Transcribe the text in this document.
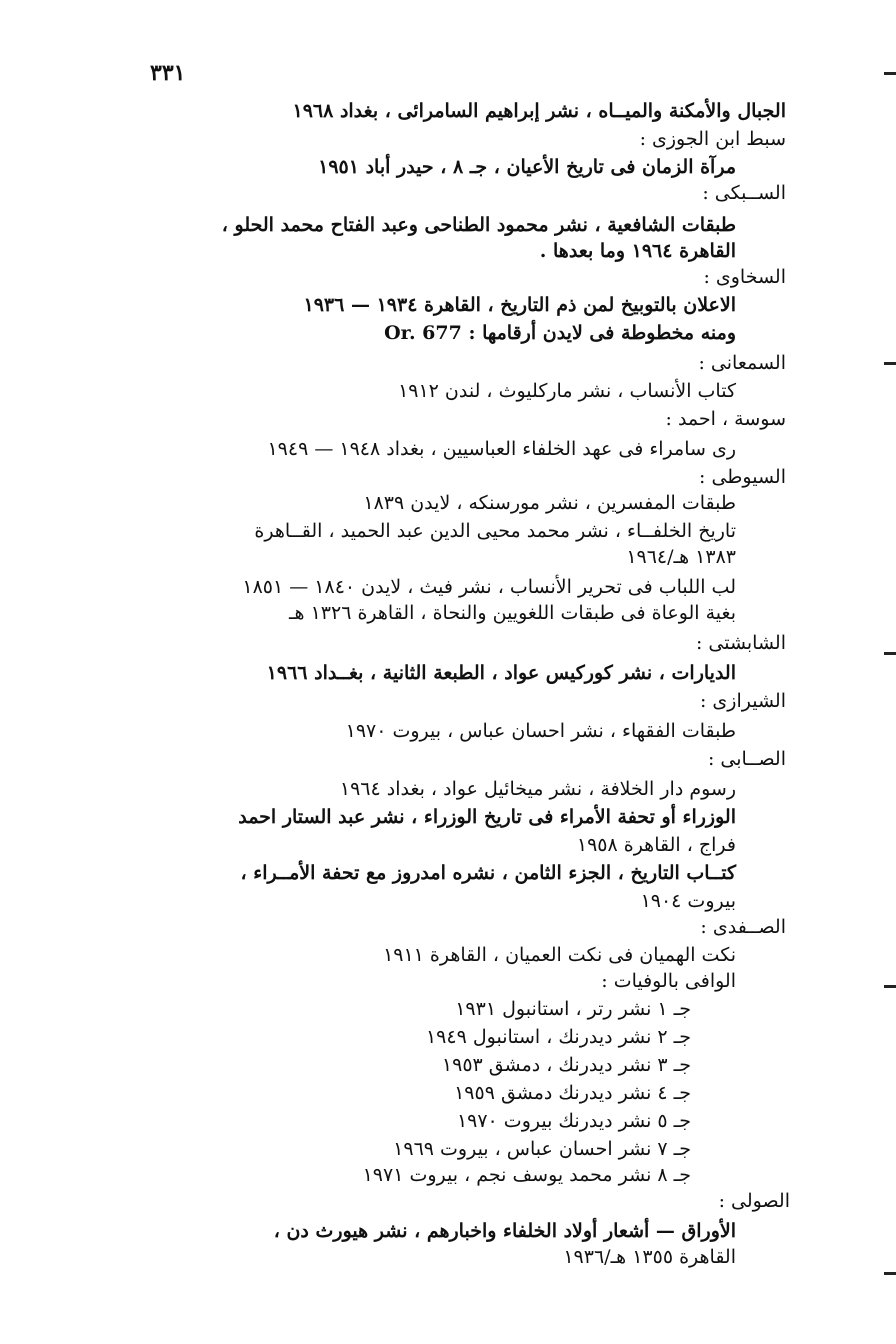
٣٣١
الجبال والأمكنة والميــاه ، نشر إبراهيم السامرائى ، بغداد ١٩٦٨
سبط ابن الجوزى :
مرآة الزمان فى تاريخ الأعيان ، جـ ٨ ، حيدر أباد ١٩٥١
الســبكى :
طبقات الشافعية ، نشر محمود الطناحى وعبد الفتاح محمد الحلو ،
القاهرة ١٩٦٤ وما بعدها .
السخاوى :
الاعلان بالتوبيخ لمن ذم التاريخ ، القاهرة ١٩٣٤ — ١٩٣٦
ومنه مخطوطة فى لايدن أرقامها : Or. 677
السمعانى :
كتاب الأنساب ، نشر ماركليوث ، لندن ١٩١٢
سوسة ، احمد :
رى سامراء فى عهد الخلفاء العباسيين ، بغداد ١٩٤٨ — ١٩٤٩
السيوطى :
طبقات المفسرين ، نشر مورسنكه ، لايدن ١٨٣٩
تاريخ الخلفــاء ، نشر محمد محيى الدين عبد الحميد ، القــاهرة
١٣٨٣ هـ/١٩٦٤
لب اللباب فى تحرير الأنساب ، نشر فيث ، لايدن ١٨٤٠ — ١٨٥١
بغية الوعاة فى طبقات اللغويين والنحاة ، القاهرة ١٣٢٦ هـ
الشابشتى :
الديارات ، نشر كوركيس عواد ، الطبعة الثانية ، بغــداد ١٩٦٦
الشيرازى :
طبقات الفقهاء ، نشر احسان عباس ، بيروت ١٩٧٠
الصــابى :
رسوم دار الخلافة ، نشر ميخائيل عواد ، بغداد ١٩٦٤
الوزراء أو تحفة الأمراء فى تاريخ الوزراء ، نشر عبد الستار احمد
فراج ، القاهرة ١٩٥٨
كتــاب التاريخ ، الجزء الثامن ، نشره امدروز مع تحفة الأمــراء ،
بيروت ١٩٠٤
الصــفدى :
نكت الهميان فى نكت العميان ، القاهرة ١٩١١
الوافى بالوفيات :
جـ ١ نشر رتر ، استانبول ١٩٣١
جـ ٢ نشر ديدرنك ، استانبول ١٩٤٩
جـ ٣ نشر ديدرنك ، دمشق ١٩٥٣
جـ ٤ نشر ديدرنك دمشق ١٩٥٩
جـ ٥ نشر ديدرنك بيروت ١٩٧٠
جـ ٧ نشر احسان عباس ، بيروت ١٩٦٩
جـ ٨ نشر محمد يوسف نجم ، بيروت ١٩٧١
الصولى :
الأوراق — أشعار أولاد الخلفاء واخبارهم ، نشر هيورث دن ،
القاهرة ١٣٥٥ هـ/١٩٣٦
